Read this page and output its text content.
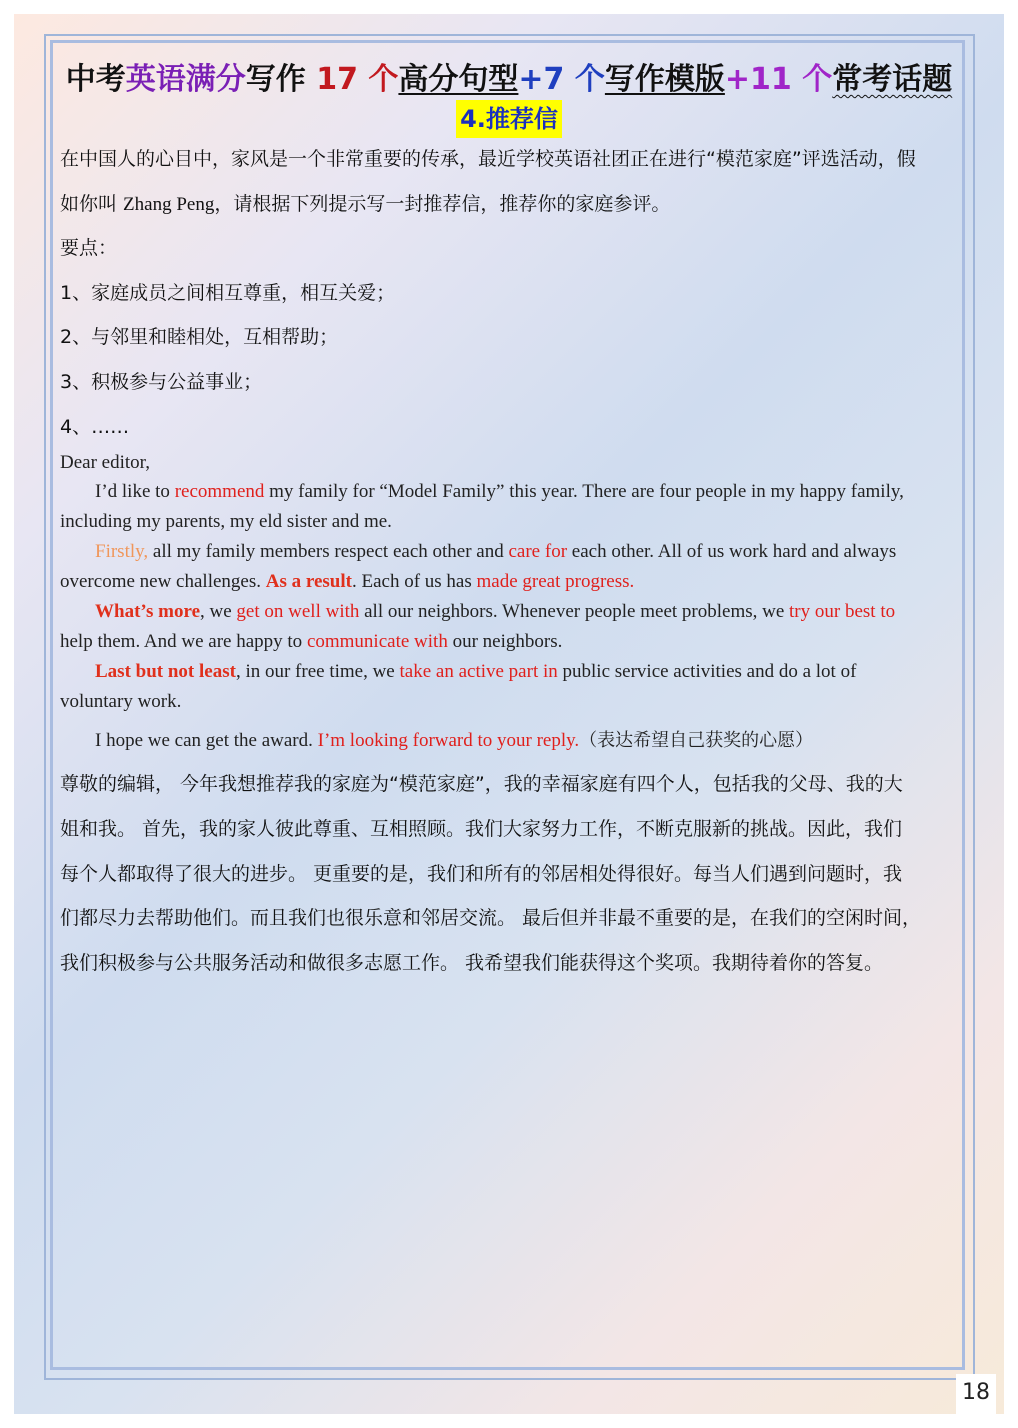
中考英语满分写作 17 个高分句型+7 个写作模版+11 个常考话题
4.推荐信
在中国人的心目中，家风是一个非常重要的传承，最近学校英语社团正在进行“模范家庭”评选活动，假
如你叫 Zhang Peng，请根据下列提示写一封推荐信，推荐你的家庭参评。
要点：
1、家庭成员之间相互尊重，相互关爱；
2、与邻里和睦相处，互相帮助；
3、积极参与公益事业；
4、……
Dear editor,
I’d like to recommend my family for “Model Family” this year. There are four people in my happy family,
including my parents, my eld sister and me.
Firstly, all my family members respect each other and care for each other. All of us work hard and always
overcome new challenges. As a result. Each of us has made great progress.
What’s more, we get on well with all our neighbors. Whenever people meet problems, we try our best to
help them. And we are happy to communicate with our neighbors.
Last but not least, in our free time, we take an active part in public service activities and do a lot of
voluntary work.
I hope we can get the award. I’m looking forward to your reply.（表达希望自己获奖的心愿）
尊敬的编辑， 今年我想推荐我的家庭为“模范家庭”，我的幸福家庭有四个人，包括我的父母、我的大
姐和我。 首先，我的家人彼此尊重、互相照顾。我们大家努力工作，不断克服新的挑战。因此，我们
每个人都取得了很大的进步。 更重要的是，我们和所有的邻居相处得很好。每当人们遇到问题时，我
们都尽力去帮助他们。而且我们也很乐意和邻居交流。 最后但并非最不重要的是，在我们的空闲时间，
我们积极参与公共服务活动和做很多志愿工作。 我希望我们能获得这个奖项。我期待着你的答复。
18
